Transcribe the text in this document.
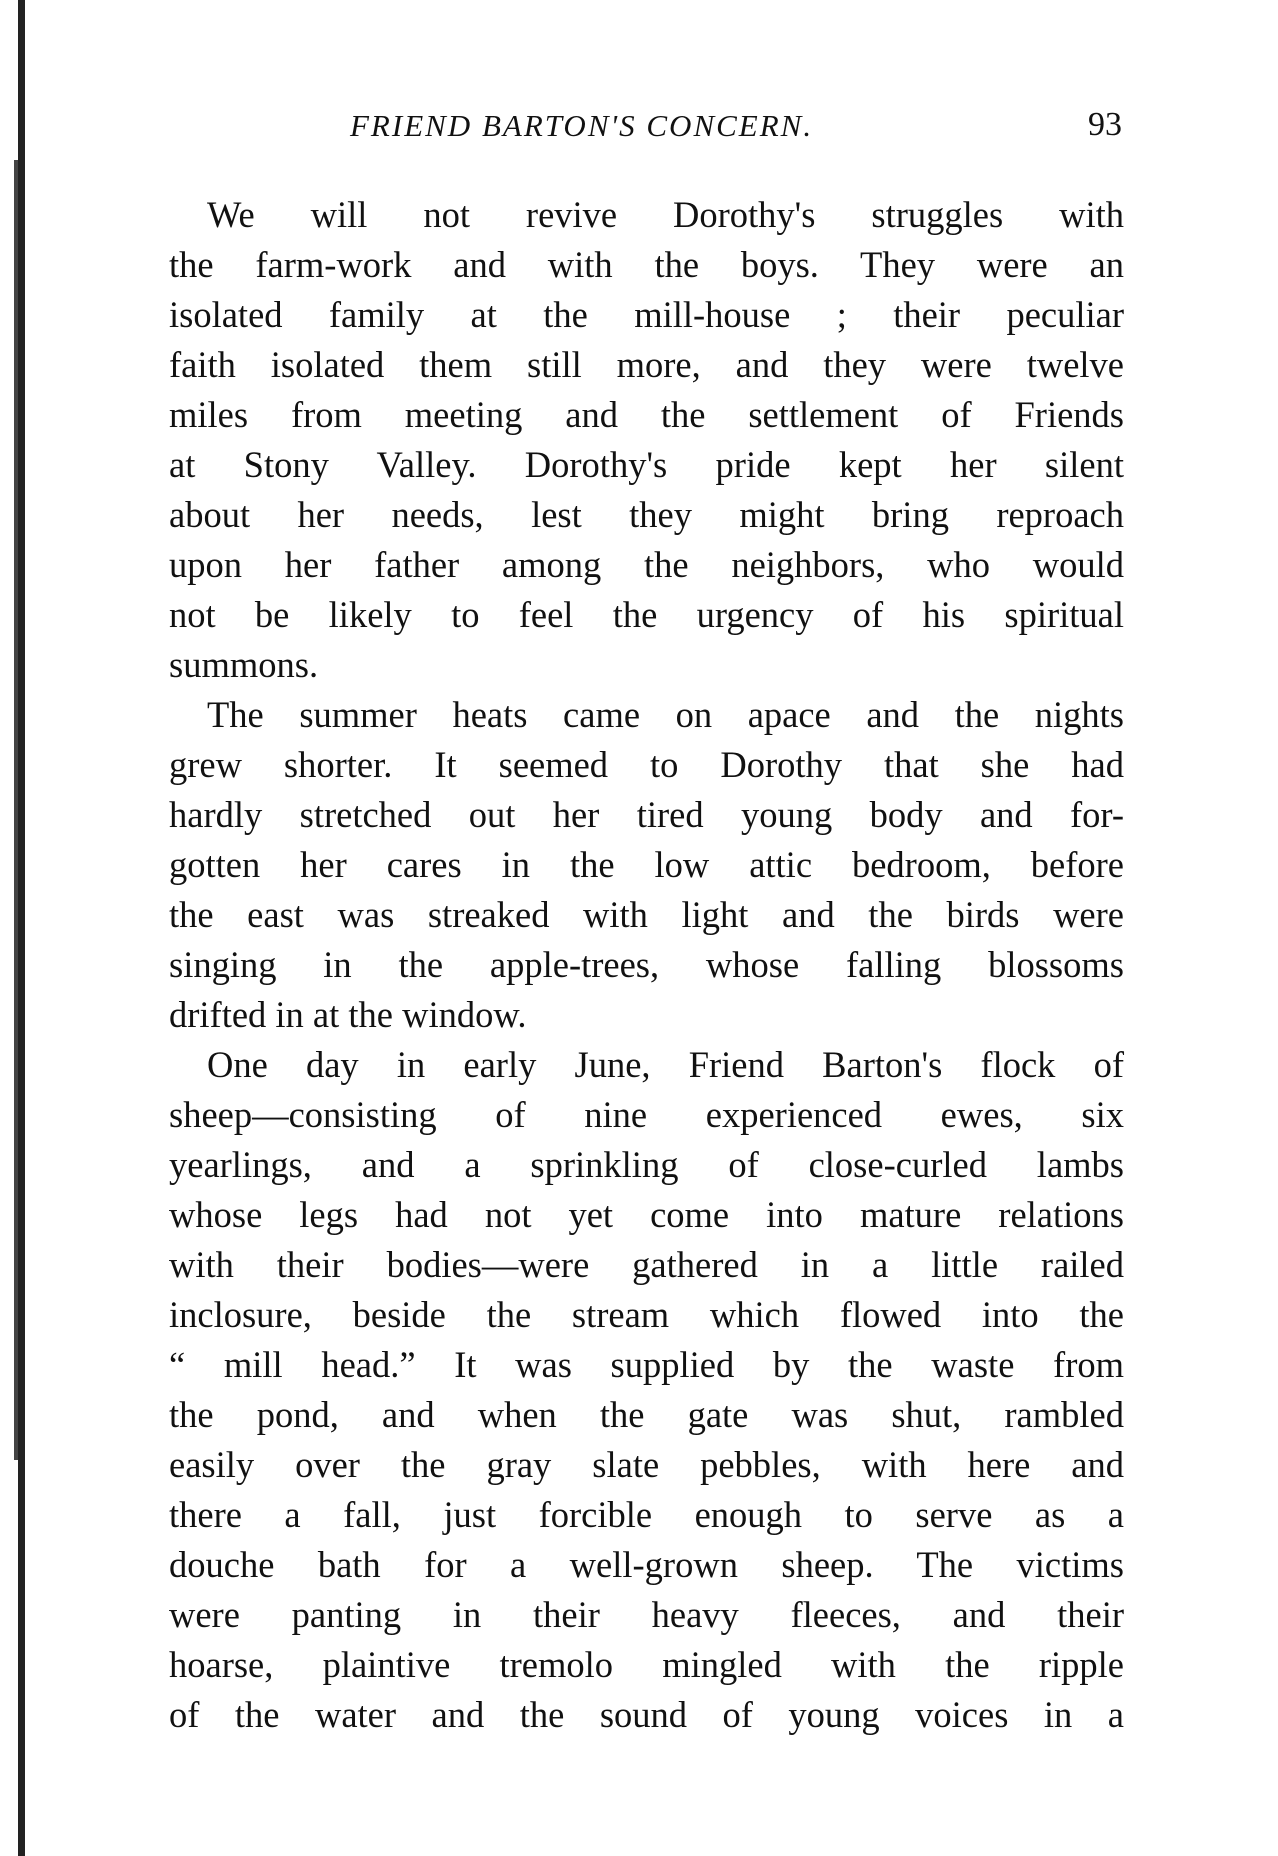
FRIEND BARTON'S CONCERN.	93
We will not revive Dorothy's struggles with
the farm-work and with the boys. They were an
isolated family at the mill-house ; their peculiar
faith isolated them still more, and they were twelve
miles from meeting and the settlement of Friends
at Stony Valley. Dorothy's pride kept her silent
about her needs, lest they might bring reproach
upon her father among the neighbors, who would
not be likely to feel the urgency of his spiritual
summons.
The summer heats came on apace and the nights
grew shorter. It seemed to Dorothy that she had
hardly stretched out her tired young body and for-
gotten her cares in the low attic bedroom, before
the east was streaked with light and the birds were
singing in the apple-trees, whose falling blossoms
drifted in at the window.
One day in early June, Friend Barton's flock of
sheep—consisting of nine experienced ewes, six
yearlings, and a sprinkling of close-curled lambs
whose legs had not yet come into mature relations
with their bodies—were gathered in a little railed
inclosure, beside the stream which flowed into the
“ mill head.” It was supplied by the waste from
the pond, and when the gate was shut, rambled
easily over the gray slate pebbles, with here and
there a fall, just forcible enough to serve as a
douche bath for a well-grown sheep. The victims
were panting in their heavy fleeces, and their
hoarse, plaintive tremolo mingled with the ripple
of the water and the sound of young voices in a
